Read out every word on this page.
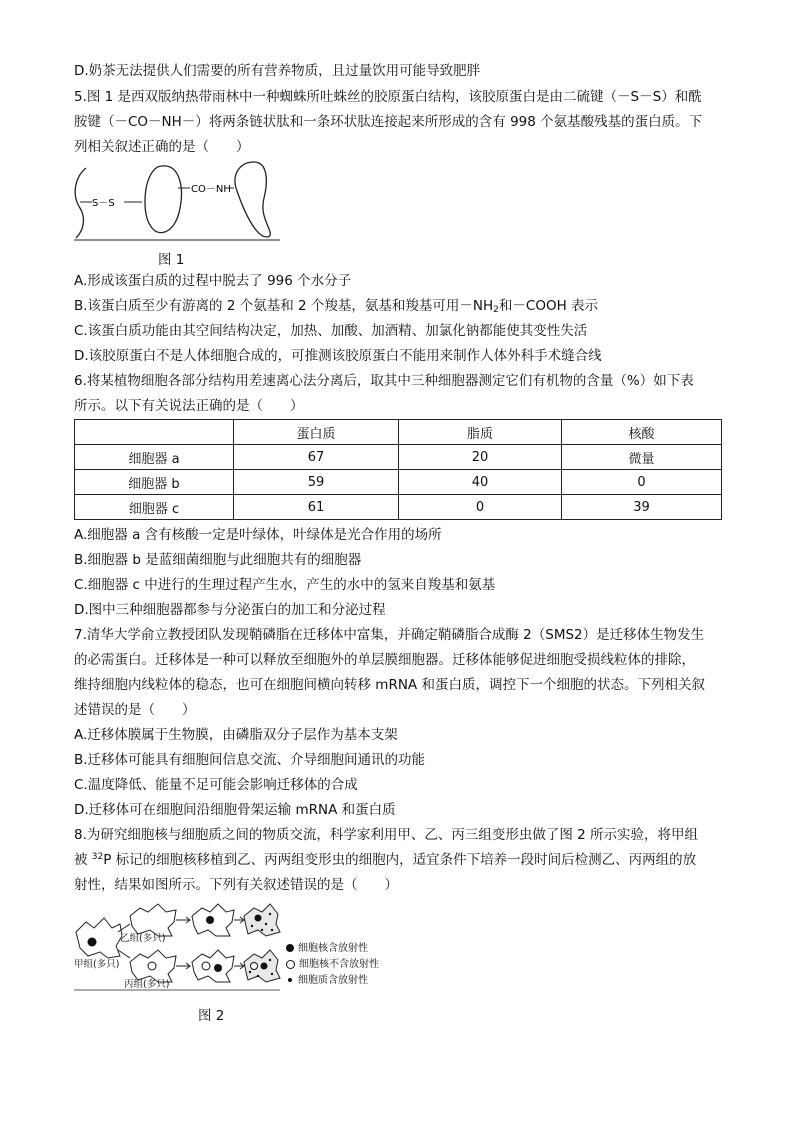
D.奶茶无法提供人们需要的所有营养物质，且过量饮用可能导致肥胖
5.图 1 是西双版纳热带雨林中一种蜘蛛所吐蛛丝的胶原蛋白结构，该胶原蛋白是由二硫键（－S－S）和酰
胺键（－CO－NH－）将两条链状肽和一条环状肽连接起来所形成的含有 998 个氨基酸残基的蛋白质。下
列相关叙述正确的是（　　）
S－S
CO－NH
图 1
A.形成该蛋白质的过程中脱去了 996 个水分子
B.该蛋白质至少有游离的 2 个氨基和 2 个羧基，氨基和羧基可用$-NH_2$和－COOH 表示
C.该蛋白质功能由其空间结构决定，加热、加酸、加酒精、加氯化钠都能使其变性失活
D.该胶原蛋白不是人体细胞合成的，可推测该胶原蛋白不能用来制作人体外科手术缝合线
6.将某植物细胞各部分结构用差速离心法分离后，取其中三种细胞器测定它们有机物的含量（%）如下表
所示。以下有关说法正确的是（　　）
	蛋白质	脂质	核酸
细胞器 a	67	20	微量
细胞器 b	59	40	0
细胞器 c	61	0	39
A.细胞器 a 含有核酸一定是叶绿体，叶绿体是光合作用的场所
B.细胞器 b 是蓝细菌细胞与此细胞共有的细胞器
C.细胞器 c 中进行的生理过程产生水，产生的水中的氢来自羧基和氨基
D.图中三种细胞器都参与分泌蛋白的加工和分泌过程
7.清华大学俞立教授团队发现鞘磷脂在迁移体中富集，并确定鞘磷脂合成酶 2（SMS2）是迁移体生物发生
的必需蛋白。迁移体是一种可以释放至细胞外的单层膜细胞器。迁移体能够促进细胞受损线粒体的排除，
维持细胞内线粒体的稳态，也可在细胞间横向转移 mRNA 和蛋白质，调控下一个细胞的状态。下列相关叙
述错误的是（　　）
A.迁移体膜属于生物膜，由磷脂双分子层作为基本支架
B.迁移体可能具有细胞间信息交流、介导细胞间通讯的功能
C.温度降低、能量不足可能会影响迁移体的合成
D.迁移体可在细胞间沿细胞骨架运输 mRNA 和蛋白质
8.为研究细胞核与细胞质之间的物质交流，科学家利用甲、乙、丙三组变形虫做了图 2 所示实验，将甲组
被 $^{32}$P 标记的细胞核移植到乙、丙两组变形虫的细胞内，适宜条件下培养一段时间后检测乙、丙两组的放
射性，结果如图所示。下列有关叙述错误的是（　　）
乙组(多只)
甲组(多只)
丙组(多只)
细胞核含放射性
细胞核不含放射性
细胞质含放射性
图 2
